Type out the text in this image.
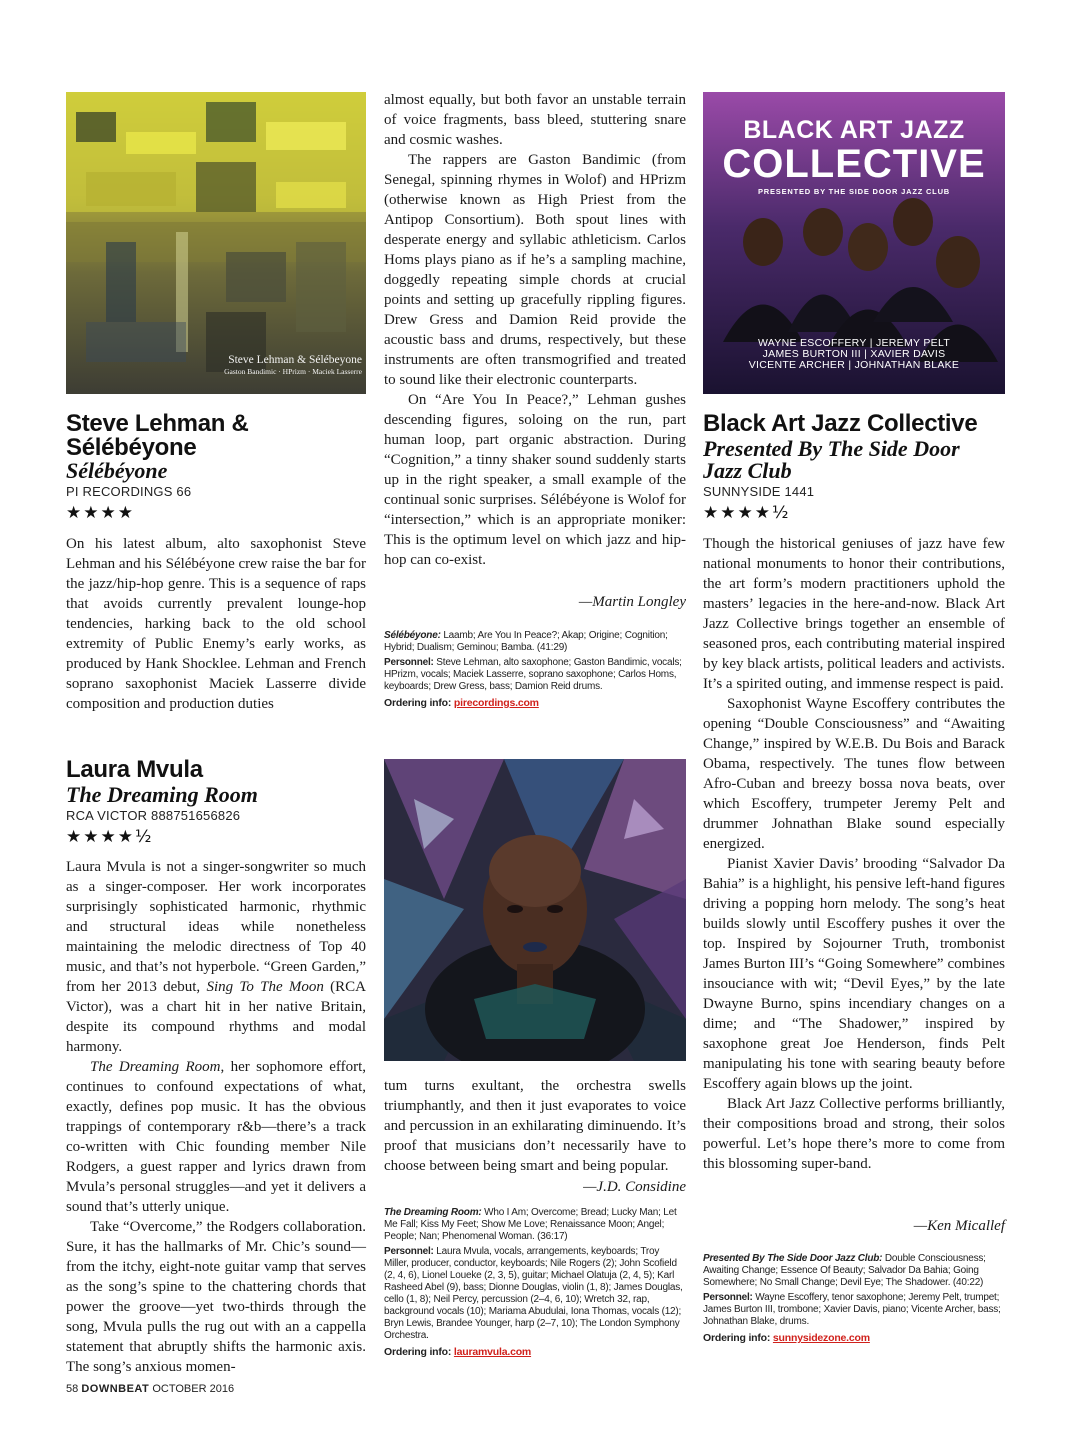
Steve Lehman & Sélébeyone
Gaston Bandimic · HPrizm · Maciek Lasserre
Steve Lehman &
Sélébéyone
Sélébéyone
PI RECORDINGS 66
★★★★

On his latest album, alto saxophonist Steve Lehman and his Sélébéyone crew raise the bar for the jazz/hip-hop genre. This is a sequence of raps that avoids currently prevalent lounge-hop tendencies, harking back to the old school extremity of Public Enemy’s early works, as produced by Hank Shocklee. Lehman and French soprano saxophonist Maciek Lasserre divide composition and production duties

Laura Mvula
The Dreaming Room
RCA VICTOR 888751656826
★★★★½

Laura Mvula is not a singer-songwriter so much as a singer-composer. Her work incorporates surprisingly sophisticated harmonic, rhythmic and structural ideas while nonetheless maintaining the melodic directness of Top 40 music, and that’s not hyperbole. “Green Garden,” from her 2013 debut, Sing To The Moon (RCA Victor), was a chart hit in her native Britain, despite its compound rhythms and modal harmony.

The Dreaming Room, her sophomore effort, continues to confound expectations of what, exactly, defines pop music. It has the obvious trappings of contemporary r&b—there’s a track co-written with Chic founding member Nile Rodgers, a guest rapper and lyrics drawn from Mvula’s personal struggles—and yet it delivers a sound that’s utterly unique.

Take “Overcome,” the Rodgers collaboration. Sure, it has the hallmarks of Mr. Chic’s sound—from the itchy, eight-note guitar vamp that serves as the song’s spine to the chattering chords that power the groove—yet two-thirds through the song, Mvula pulls the rug out with an a cappella statement that abruptly shifts the harmonic axis. The song’s anxious momen-

almost equally, but both favor an unstable terrain of voice fragments, bass bleed, stuttering snare and cosmic washes.

The rappers are Gaston Bandimic (from Senegal, spinning rhymes in Wolof) and HPrizm (otherwise known as High Priest from the Antipop Consortium). Both spout lines with desperate energy and syllabic athleticism. Carlos Homs plays piano as if he’s a sampling machine, doggedly repeating simple chords at crucial points and setting up gracefully rippling figures. Drew Gress and Damion Reid provide the acoustic bass and drums, respectively, but these instruments are often transmogrified and treated to sound like their electronic counterparts.

On “Are You In Peace?,” Lehman gushes descending figures, soloing on the run, part human loop, part organic abstraction. During “Cognition,” a tinny shaker sound suddenly starts up in the right speaker, a small example of the continual sonic surprises. Sélébéyone is Wolof for “intersection,” which is an appropriate moniker: This is the optimum level on which jazz and hip-hop can co-exist.

—Martin Longley

Sélébéyone: Laamb; Are You In Peace?; Akap; Origine; Cognition; Hybrid; Dualism; Geminou; Bamba. (41:29)

Personnel: Steve Lehman, alto saxophone; Gaston Bandimic, vocals; HPrizm, vocals; Maciek Lasserre, soprano saxophone; Carlos Homs, keyboards; Drew Gress, bass; Damion Reid drums.

Ordering info: pirecordings.com

tum turns exultant, the orchestra swells triumphantly, and then it just evaporates to voice and percussion in an exhilarating diminuendo. It’s proof that musicians don’t necessarily have to choose between being smart and being popular.

—J.D. Considine

The Dreaming Room: Who I Am; Overcome; Bread; Lucky Man; Let Me Fall; Kiss My Feet; Show Me Love; Renaissance Moon; Angel; People; Nan; Phenomenal Woman. (36:17)

Personnel: Laura Mvula, vocals, arrangements, keyboards; Troy Miller, producer, conductor, keyboards; Nile Rogers (2); John Scofield (2, 4, 6), Lionel Loueke (2, 3, 5), guitar; Michael Olatuja (2, 4, 5); Karl Rasheed Abel (9), bass; Dionne Douglas, violin (1, 8); James Douglas, cello (1, 8); Neil Percy, percussion (2–4, 6, 10); Wretch 32, rap, background vocals (10); Mariama Abudulai, Iona Thomas, vocals (12); Bryn Lewis, Brandee Younger, harp (2–7, 10); The London Symphony Orchestra.

Ordering info: lauramvula.com
BLACK ART JAZZ
COLLECTIVE
PRESENTED BY THE SIDE DOOR JAZZ CLUB
WAYNE ESCOFFERY | JEREMY PELT
JAMES BURTON III | XAVIER DAVIS
VICENTE ARCHER | JOHNATHAN BLAKE
Black Art Jazz Collective
Presented By The Side Door
Jazz Club
SUNNYSIDE 1441
★★★★½

Though the historical geniuses of jazz have few national monuments to honor their contributions, the art form’s modern practitioners uphold the masters’ legacies in the here-and-now. Black Art Jazz Collective brings together an ensemble of seasoned pros, each contributing material inspired by key black artists, political leaders and activists. It’s a spirited outing, and immense respect is paid.

Saxophonist Wayne Escoffery contributes the opening “Double Consciousness” and “Awaiting Change,” inspired by W.E.B. Du Bois and Barack Obama, respectively. The tunes flow between Afro-Cuban and breezy bossa nova beats, over which Escoffery, trumpeter Jeremy Pelt and drummer Johnathan Blake sound especially energized.

Pianist Xavier Davis’ brooding “Salvador Da Bahia” is a highlight, his pensive left-hand figures driving a popping horn melody. The song’s heat builds slowly until Escoffery pushes it over the top. Inspired by Sojourner Truth, trombonist James Burton III’s “Going Somewhere” combines insouciance with wit; “Devil Eyes,” by the late Dwayne Burno, spins incendiary changes on a dime; and “The Shadower,” inspired by saxophone great Joe Henderson, finds Pelt manipulating his tone with searing beauty before Escoffery again blows up the joint.

Black Art Jazz Collective performs brilliantly, their compositions broad and strong, their solos powerful. Let’s hope there’s more to come from this blossoming super-band.

—Ken Micallef

Presented By The Side Door Jazz Club: Double Consciousness; Awaiting Change; Essence Of Beauty; Salvador Da Bahia; Going Somewhere; No Small Change; Devil Eye; The Shadower. (40:22)

Personnel: Wayne Escoffery, tenor saxophone; Jeremy Pelt, trumpet; James Burton III, trombone; Xavier Davis, piano; Vicente Archer, bass; Johnathan Blake, drums.

Ordering info: sunnysidezone.com
58 DOWNBEAT OCTOBER 2016
